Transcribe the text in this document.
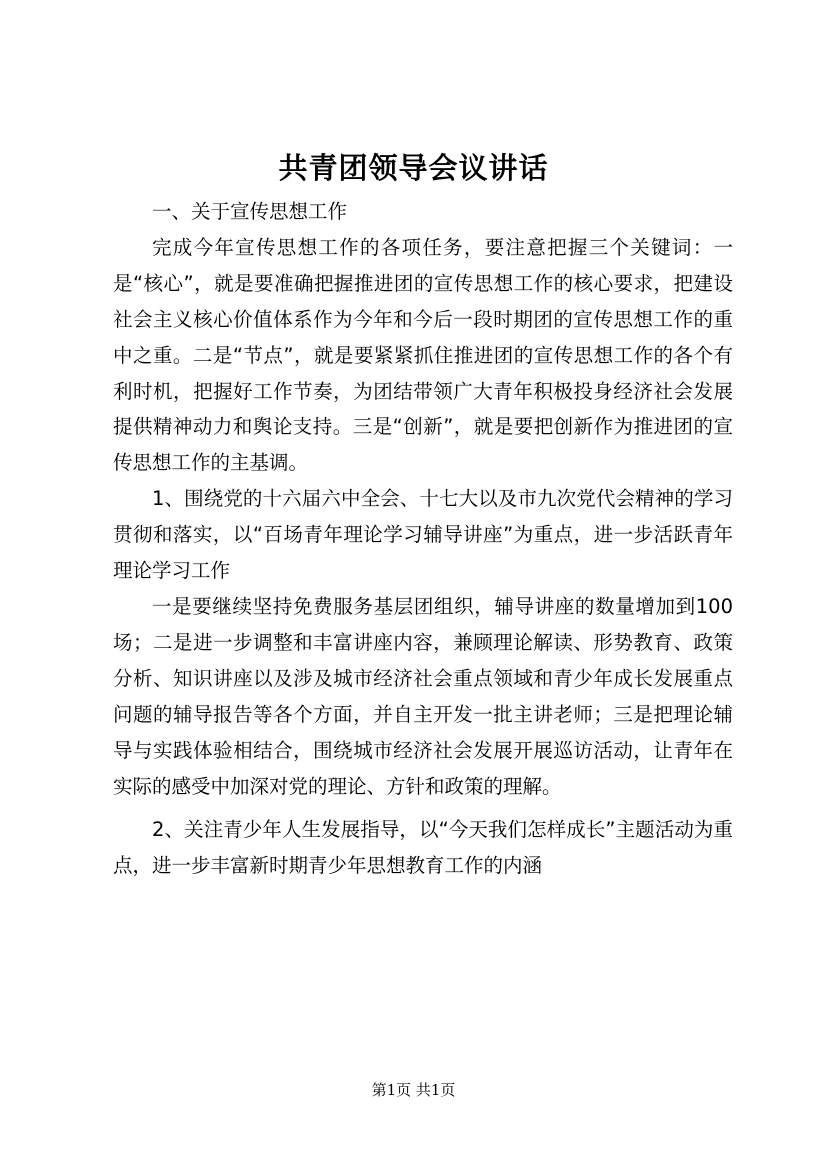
共青团领导会议讲话

一、关于宣传思想工作

完成今年宣传思想工作的各项任务，要注意把握三个关键词：一是“核心”，就是要准确把握推进团的宣传思想工作的核心要求，把建设社会主义核心价值体系作为今年和今后一段时期团的宣传思想工作的重中之重。二是“节点”，就是要紧紧抓住推进团的宣传思想工作的各个有利时机，把握好工作节奏，为团结带领广大青年积极投身经济社会发展提供精神动力和舆论支持。三是“创新”，就是要把创新作为推进团的宣传思想工作的主基调。

1、围绕党的十六届六中全会、十七大以及市九次党代会精神的学习贯彻和落实，以“百场青年理论学习辅导讲座”为重点，进一步活跃青年理论学习工作

一是要继续坚持免费服务基层团组织，辅导讲座的数量增加到100场；二是进一步调整和丰富讲座内容，兼顾理论解读、形势教育、政策分析、知识讲座以及涉及城市经济社会重点领域和青少年成长发展重点问题的辅导报告等各个方面，并自主开发一批主讲老师；三是把理论辅导与实践体验相结合，围绕城市经济社会发展开展巡访活动，让青年在实际的感受中加深对党的理论、方针和政策的理解。

2、关注青少年人生发展指导，以“今天我们怎样成长”主题活动为重点，进一步丰富新时期青少年思想教育工作的内涵

第1页 共1页
